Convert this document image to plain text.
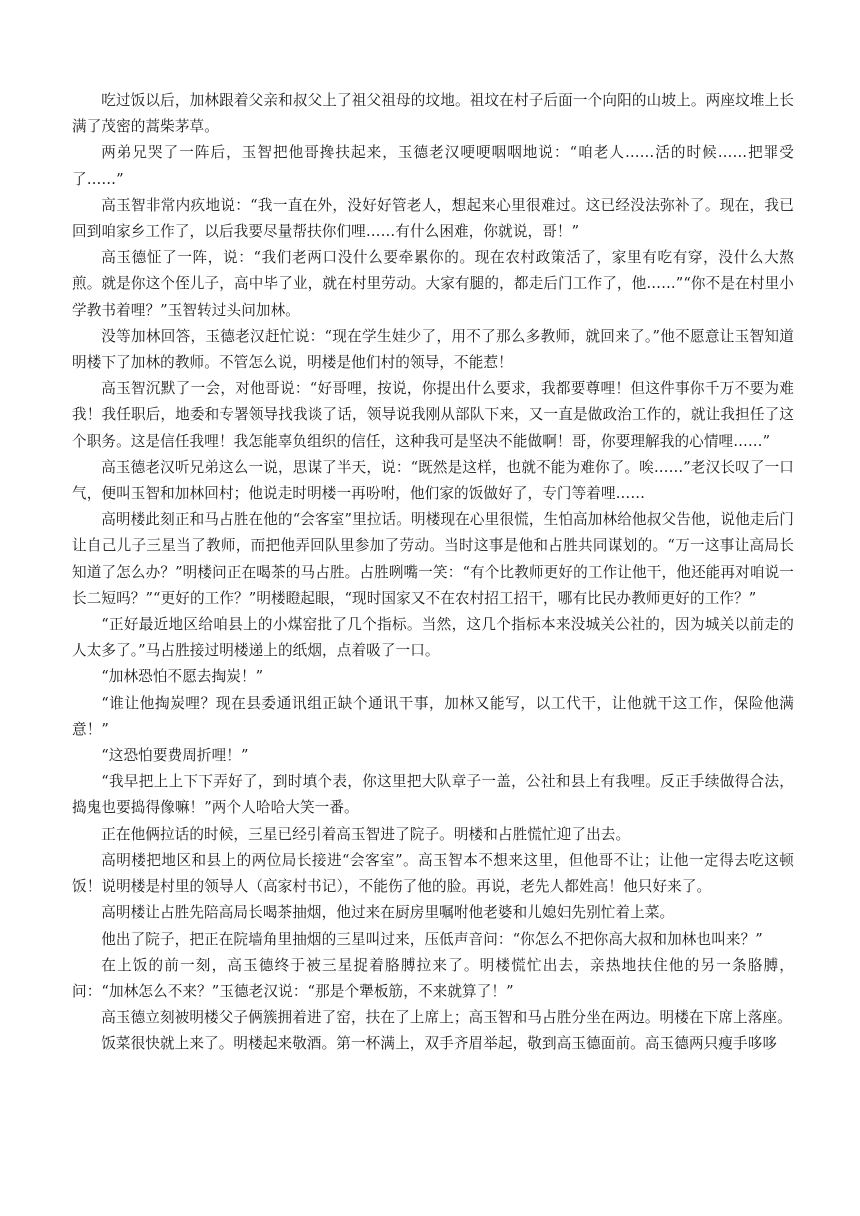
吃过饭以后，加林跟着父亲和叔父上了祖父祖母的坟地。祖坟在村子后面一个向阳的山坡上。两座坟堆上长满了茂密的蒿柴茅草。

两弟兄哭了一阵后，玉智把他哥搀扶起来，玉德老汉哽哽咽咽地说：“咱老人……活的时候……把罪受了……”

高玉智非常内疚地说：“我一直在外，没好好管老人，想起来心里很难过。这已经没法弥补了。现在，我已回到咱家乡工作了，以后我要尽量帮扶你们哩……有什么困难，你就说，哥！”

高玉德怔了一阵，说：“我们老两口没什么要牵累你的。现在农村政策活了，家里有吃有穿，没什么大熬煎。就是你这个侄儿子，高中毕了业，就在村里劳动。大家有腿的，都走后门工作了，他……”“你不是在村里小学教书着哩？”玉智转过头问加林。

没等加林回答，玉德老汉赶忙说：“现在学生娃少了，用不了那么多教师，就回来了。”他不愿意让玉智知道明楼下了加林的教师。不管怎么说，明楼是他们村的领导，不能惹！

高玉智沉默了一会，对他哥说：“好哥哩，按说，你提出什么要求，我都要尊哩！但这件事你千万不要为难我！我任职后，地委和专署领导找我谈了话，领导说我刚从部队下来，又一直是做政治工作的，就让我担任了这个职务。这是信任我哩！我怎能辜负组织的信任，这种我可是坚决不能做啊！哥，你要理解我的心情哩……”

高玉德老汉听兄弟这么一说，思谋了半天，说：“既然是这样，也就不能为难你了。唉……”老汉长叹了一口气，便叫玉智和加林回村；他说走时明楼一再吩咐，他们家的饭做好了，专门等着哩……

高明楼此刻正和马占胜在他的“会客室”里拉话。明楼现在心里很慌，生怕高加林给他叔父告他，说他走后门让自己儿子三星当了教师，而把他弄回队里参加了劳动。当时这事是他和占胜共同谋划的。“万一这事让高局长知道了怎么办？”明楼问正在喝茶的马占胜。占胜咧嘴一笑：“有个比教师更好的工作让他干，他还能再对咱说一长二短吗？”“更好的工作？”明楼瞪起眼，“现时国家又不在农村招工招干，哪有比民办教师更好的工作？”

“正好最近地区给咱县上的小煤窑批了几个指标。当然，这几个指标本来没城关公社的，因为城关以前走的人太多了。”马占胜接过明楼递上的纸烟，点着吸了一口。

“加林恐怕不愿去掏炭！”

“谁让他掏炭哩？现在县委通讯组正缺个通讯干事，加林又能写，以工代干，让他就干这工作，保险他满意！”

“这恐怕要费周折哩！”

“我早把上上下下弄好了，到时填个表，你这里把大队章子一盖，公社和县上有我哩。反正手续做得合法，捣鬼也要捣得像嘛！”两个人哈哈大笑一番。

正在他俩拉话的时候，三星已经引着高玉智进了院子。明楼和占胜慌忙迎了出去。

高明楼把地区和县上的两位局长接进“会客室”。高玉智本不想来这里，但他哥不让；让他一定得去吃这顿饭！说明楼是村里的领导人（高家村书记），不能伤了他的脸。再说，老先人都姓高！他只好来了。

高明楼让占胜先陪高局长喝茶抽烟，他过来在厨房里嘱咐他老婆和儿媳妇先别忙着上菜。

他出了院子，把正在院墙角里抽烟的三星叫过来，压低声音问：“你怎么不把你高大叔和加林也叫来？”

在上饭的前一刻，高玉德终于被三星捉着胳膊拉来了。明楼慌忙出去，亲热地扶住他的另一条胳膊，问：“加林怎么不来？”玉德老汉说：“那是个犟板筋，不来就算了！”

高玉德立刻被明楼父子俩簇拥着进了窑，扶在了上席上；高玉智和马占胜分坐在两边。明楼在下席上落座。

饭菜很快就上来了。明楼起来敬酒。第一杯满上，双手齐眉举起，敬到高玉德面前。高玉德两只瘦手哆哆
